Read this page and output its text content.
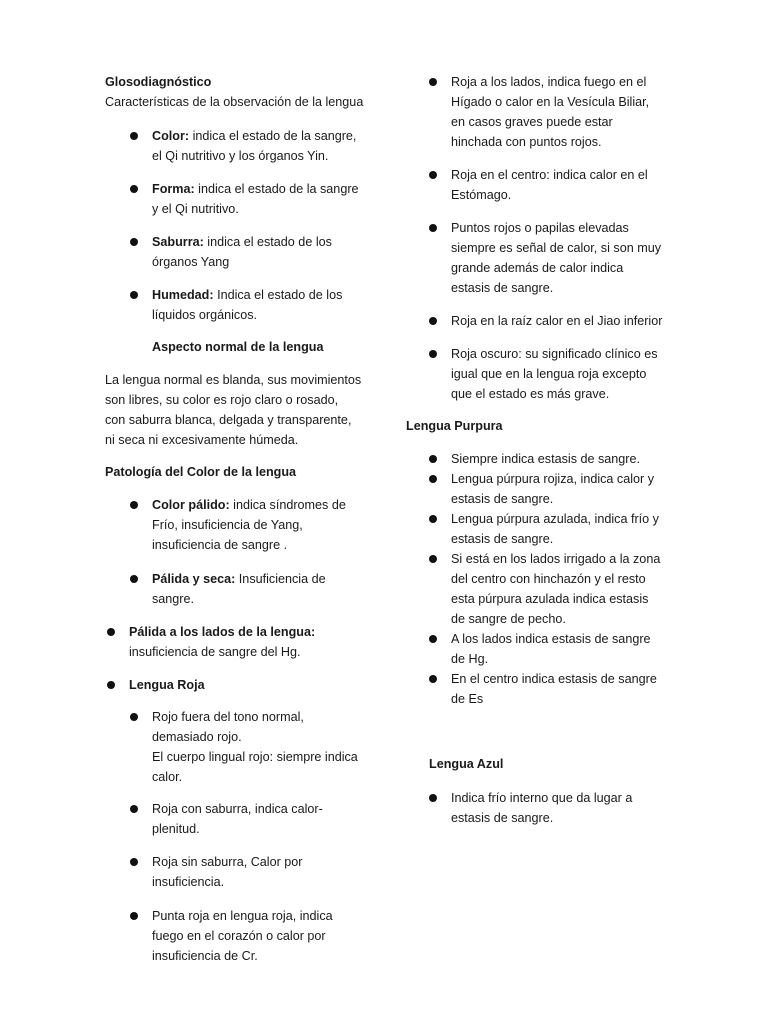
Glosodiagnóstico
Características de la observación de la lengua
Color: indica el estado de la sangre,
el Qi nutritivo y los órganos Yin.
Forma: indica el estado de la sangre
y el Qi nutritivo.
Saburra: indica el estado de los
órganos Yang
Humedad: Indica el estado de los
líquidos orgánicos.
Aspecto normal de la lengua
La lengua normal es blanda, sus movimientos
son libres, su color es rojo claro o rosado,
con saburra blanca, delgada y transparente,
ni seca ni excesivamente húmeda.
Patología del Color de la lengua
Color pálido: indica síndromes de
Frío, insuficiencia de Yang,
insuficiencia de sangre .
Pálida y seca: Insuficiencia de
sangre.
Pálida a los lados de la lengua:
insuficiencia de sangre del Hg.
Lengua Roja
Rojo fuera del tono normal,
demasiado rojo.
El cuerpo lingual rojo: siempre indica
calor.
Roja con saburra, indica calor-
plenitud.
Roja sin saburra, Calor por
insuficiencia.
Punta roja en lengua roja, indica
fuego en el corazón o calor por
insuficiencia de Cr.
Roja a los lados, indica fuego en el
Hígado o calor en la Vesícula Biliar,
en casos graves puede estar
hinchada con puntos rojos.
Roja en el centro: indica calor en el
Estómago.
Puntos rojos o papilas elevadas
siempre es señal de calor, si son muy
grande además de calor indica
estasis de sangre.
Roja en la raíz calor en el Jiao inferior
Roja oscuro: su significado clínico es
igual que en la lengua roja excepto
que el estado es más grave.
Lengua Purpura
Siempre indica estasis de sangre.
Lengua púrpura rojiza, indica calor y
estasis de sangre.
Lengua púrpura azulada, indica frío y
estasis de sangre.
Si está en los lados irrigado a la zona
del centro con hinchazón y el resto
esta púrpura azulada indica estasis
de sangre de pecho.
A los lados indica estasis de sangre
de Hg.
En el centro indica estasis de sangre
de Es
Lengua Azul
Indica frío interno que da lugar a
estasis de sangre.
